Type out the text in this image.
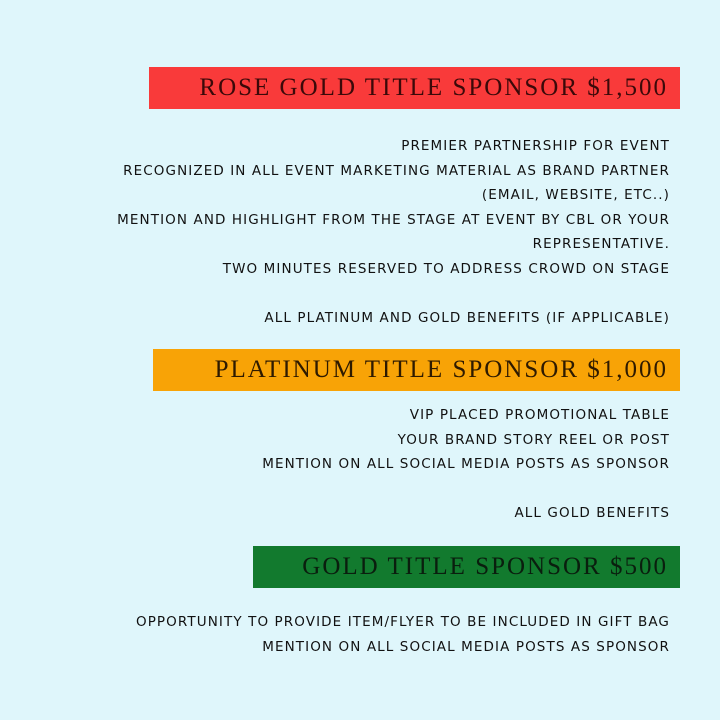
ROSE GOLD TITLE SPONSOR $1,500
PREMIER PARTNERSHIP FOR EVENT
RECOGNIZED IN ALL EVENT MARKETING MATERIAL AS BRAND PARTNER
(EMAIL, WEBSITE, ETC..)
MENTION AND HIGHLIGHT FROM THE STAGE AT EVENT BY CBL OR YOUR
REPRESENTATIVE.
TWO MINUTES RESERVED TO ADDRESS CROWD ON STAGE
ALL PLATINUM AND GOLD BENEFITS (IF APPLICABLE)
PLATINUM TITLE SPONSOR $1,000
VIP PLACED PROMOTIONAL TABLE
YOUR BRAND STORY REEL OR POST
MENTION ON ALL SOCIAL MEDIA POSTS AS SPONSOR
ALL GOLD BENEFITS
GOLD TITLE SPONSOR $500
OPPORTUNITY TO PROVIDE ITEM/FLYER TO BE INCLUDED IN GIFT BAG
MENTION ON ALL SOCIAL MEDIA POSTS AS SPONSOR
